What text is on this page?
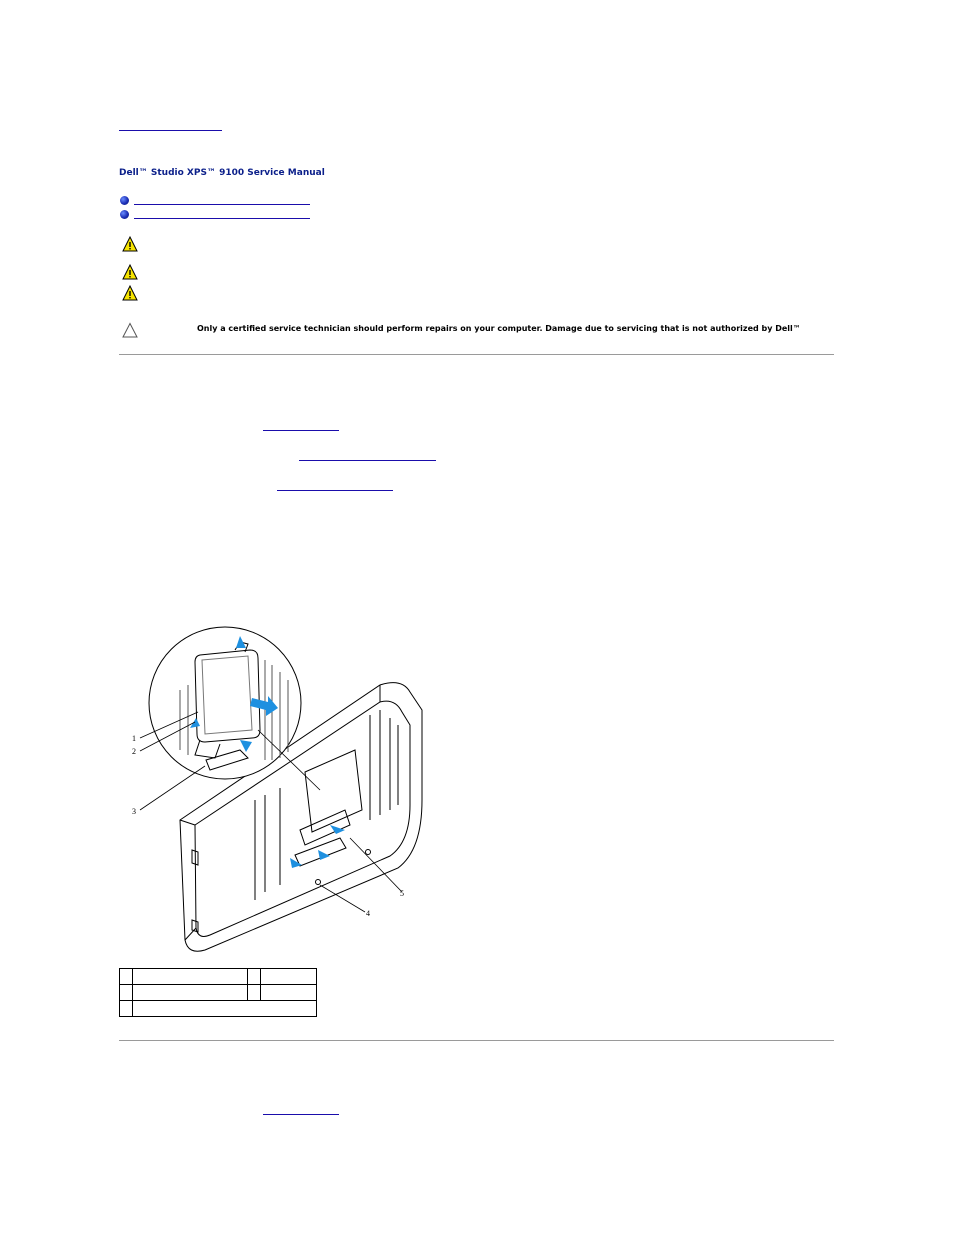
Dell™ Studio XPS™ 9100 Service Manual
Only a certified service technician should perform repairs on your computer. Damage due to servicing that is not authorized by Dell™
1
2
3
4
5
